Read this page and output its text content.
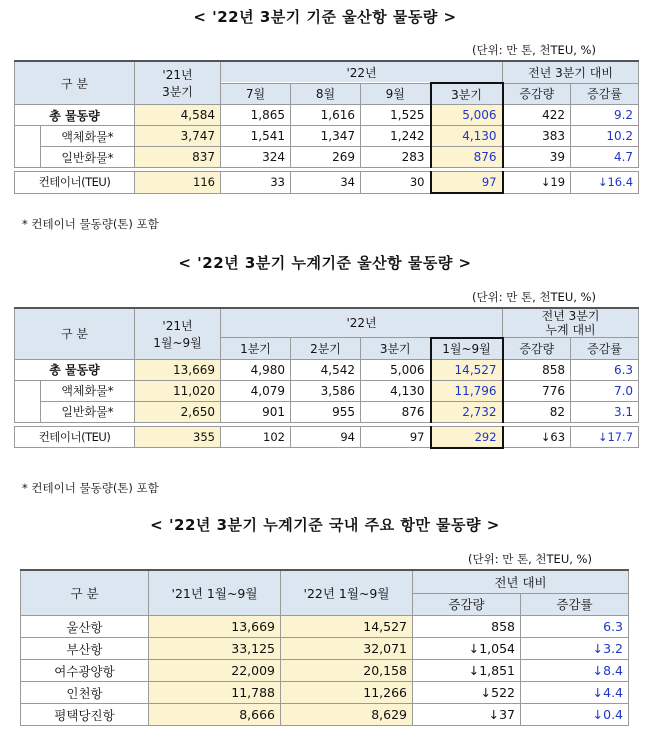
< '22년 3분기 기준 울산항 물동량 >
(단위: 만 톤, 천TEU, %)
구 분		'21년
3분기	'22년				전년 3분기 대비	
			7월	8월	9월	3분기	증감량	증감률
총 물동량		4,584	1,865	1,616	1,525	5,006	422	9.2
	액체화물*	3,747	1,541	1,347	1,242	4,130	383	10.2
	일반화물*	837	324	269	283	876	39	4.7

컨테이너(TEU)		116	33	34	30	97	↓19	↓16.4
* 컨테이너 물동량(톤) 포함
< '22년 3분기 누계기준 울산항 물동량 >
(단위: 만 톤, 천TEU, %)
구 분		'21년
1월~9월	'22년				전년 3분기
누계 대비	
			1분기	2분기	3분기	1월~9월	증감량	증감률
총 물동량		13,669	4,980	4,542	5,006	14,527	858	6.3
	액체화물*	11,020	4,079	3,586	4,130	11,796	776	7.0
	일반화물*	2,650	901	955	876	2,732	82	3.1

컨테이너(TEU)		355	102	94	97	292	↓63	↓17.7
* 컨테이너 물동량(톤) 포함
< '22년 3분기 누계기준 국내 주요 항만 물동량 >
(단위: 만 톤, 천TEU, %)
구 분	'21년 1월~9월	'22년 1월~9월	전년 대비	
			증감량	증감률
울산항	13,669	14,527	858	6.3
부산항	33,125	32,071	↓1,054	↓3.2
여수광양항	22,009	20,158	↓1,851	↓8.4
인천항	11,788	11,266	↓522	↓4.4
평택당진항	8,666	8,629	↓37	↓0.4
